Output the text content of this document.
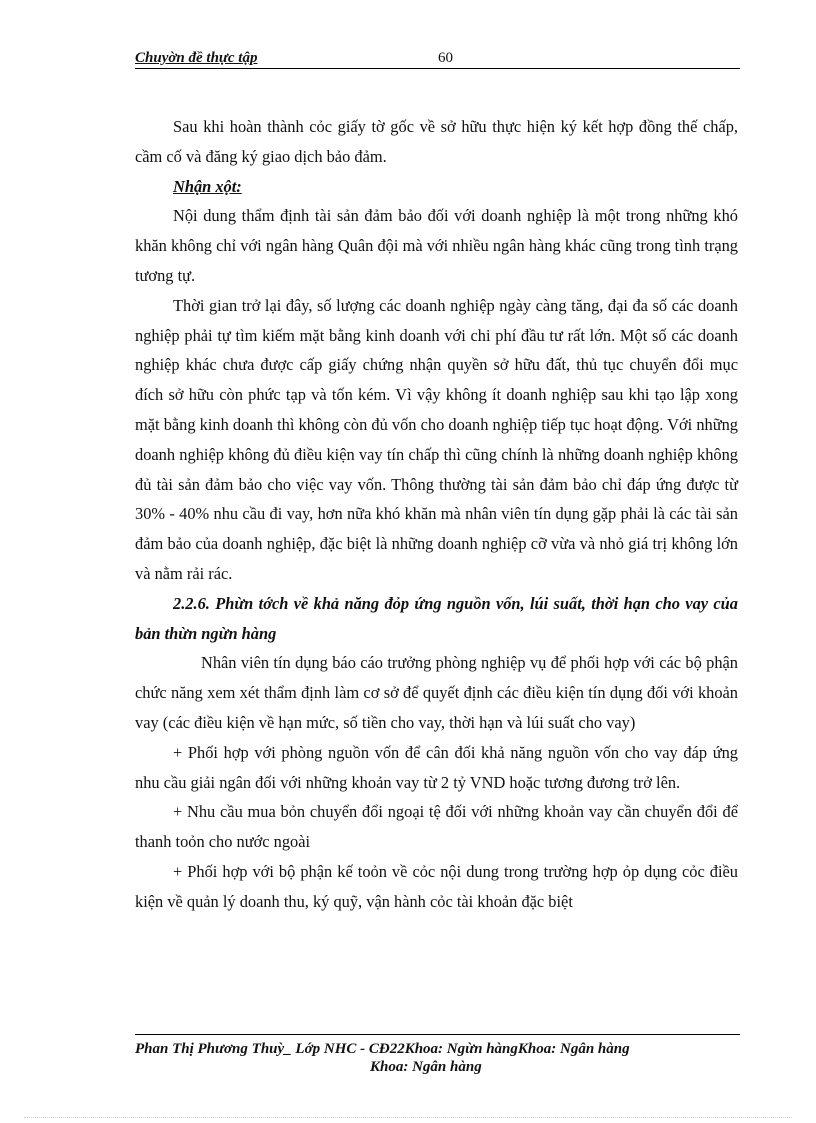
Chuyờn đề thực tập	60

Sau khi hoàn thành cỏc giấy tờ gốc về sở hữu thực hiện ký kết hợp đồng thế chấp, cầm cố và đăng ký giao dịch bảo đảm.

Nhận xột:

Nội dung thẩm định tài sản đảm bảo đối với doanh nghiệp là một trong những khó khăn không chỉ với ngân hàng Quân đội mà với nhiều ngân hàng khác cũng trong tình trạng tương tự.

Thời gian trở lại đây, số lượng các doanh nghiệp ngày càng tăng, đại đa số các doanh nghiệp phải tự tìm kiếm mặt bằng kinh doanh với chi phí đầu tư rất lớn. Một số các doanh nghiệp khác chưa được cấp giấy chứng nhận quyền sở hữu đất, thủ tục chuyển đổi mục đích sở hữu còn phức tạp và tốn kém. Vì vậy không ít doanh nghiệp sau khi tạo lập xong mặt bằng kinh doanh thì không còn đủ vốn cho doanh nghiệp tiếp tục hoạt động. Với những doanh nghiệp không đủ điều kiện vay tín chấp thì cũng chính là những doanh nghiệp không đủ tài sản đảm bảo cho việc vay vốn. Thông thường tài sản đảm bảo chỉ đáp ứng được từ 30% - 40% nhu cầu đi vay, hơn nữa khó khăn mà nhân viên tín dụng gặp phải là các tài sản đảm bảo của doanh nghiệp, đặc biệt là những doanh nghiệp cỡ vừa và nhỏ giá trị không lớn và nằm rải rác.

2.2.6. Phừn tớch về khả năng đỏp ứng nguồn vốn, lúi suất, thời hạn cho vay của bản thừn ngừn hàng

Nhân viên tín dụng báo cáo trưởng phòng nghiệp vụ để phối hợp với các bộ phận chức năng xem xét thẩm định làm cơ sở để quyết định các điều kiện tín dụng đối với khoản vay (các điều kiện về hạn mức, số tiền cho vay, thời hạn và lúi suất cho vay)

+ Phối hợp với phòng nguồn vốn để cân đối khả năng nguồn vốn cho vay đáp ứng nhu cầu giải ngân đối với những khoản vay từ 2 tỷ VND hoặc tương đương trở lên.

+ Nhu cầu mua bỏn chuyển đổi ngoại tệ đối với những khoản vay cần chuyển đổi để thanh toỏn cho nước ngoài

+ Phối hợp với bộ phận kế toỏn về cỏc nội dung trong trường hợp ỏp dụng cỏc điều kiện về quản lý doanh thu, ký quỹ, vận hành cỏc tài khoản đặc biệt

Phan Thị Phương Thuỳ_ Lớp NHC - CĐ22Khoa: Ngừn hàngKhoa: Ngân hàng
Khoa: Ngân hàng
